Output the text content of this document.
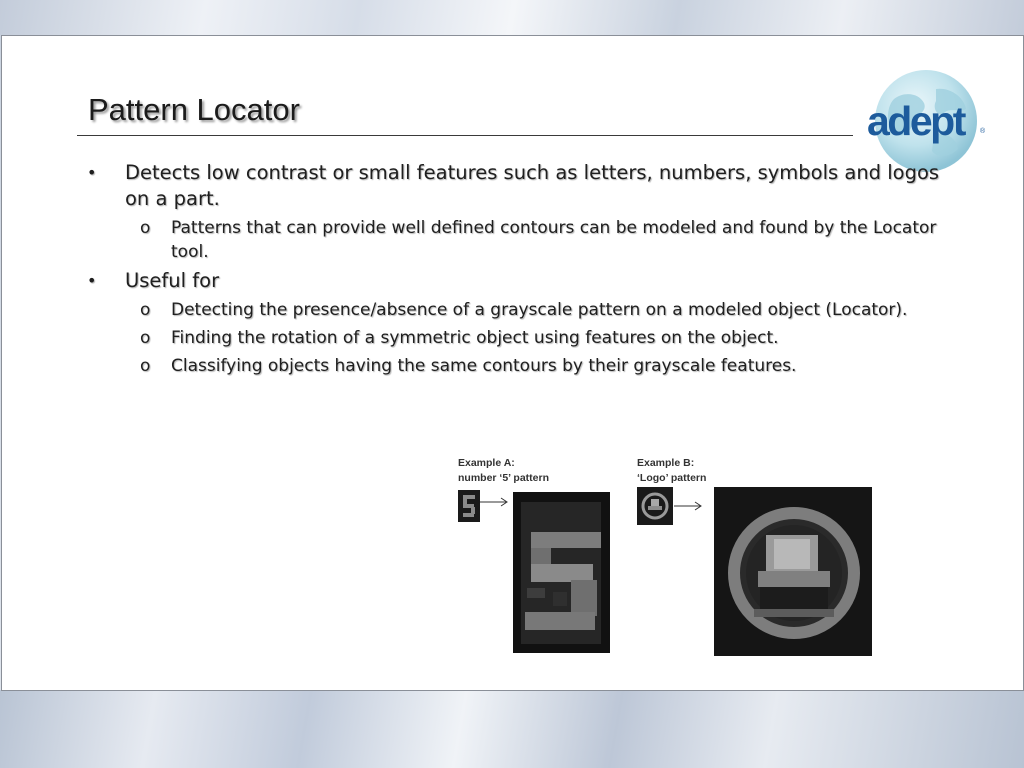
Pattern Locator	adept	®
• Detects low contrast or small features such as letters, numbers, symbols and logos on a part.
o Patterns that can provide well defined contours can be modeled and found by the Locator tool.
• Useful for
o Detecting the presence/absence of a grayscale pattern on a modeled object (Locator).
o Finding the rotation of a symmetric object using features on the object.
o Classifying objects having the same contours by their grayscale features.
Example A:
number ‘5’ pattern
Example B:
‘Logo’ pattern
